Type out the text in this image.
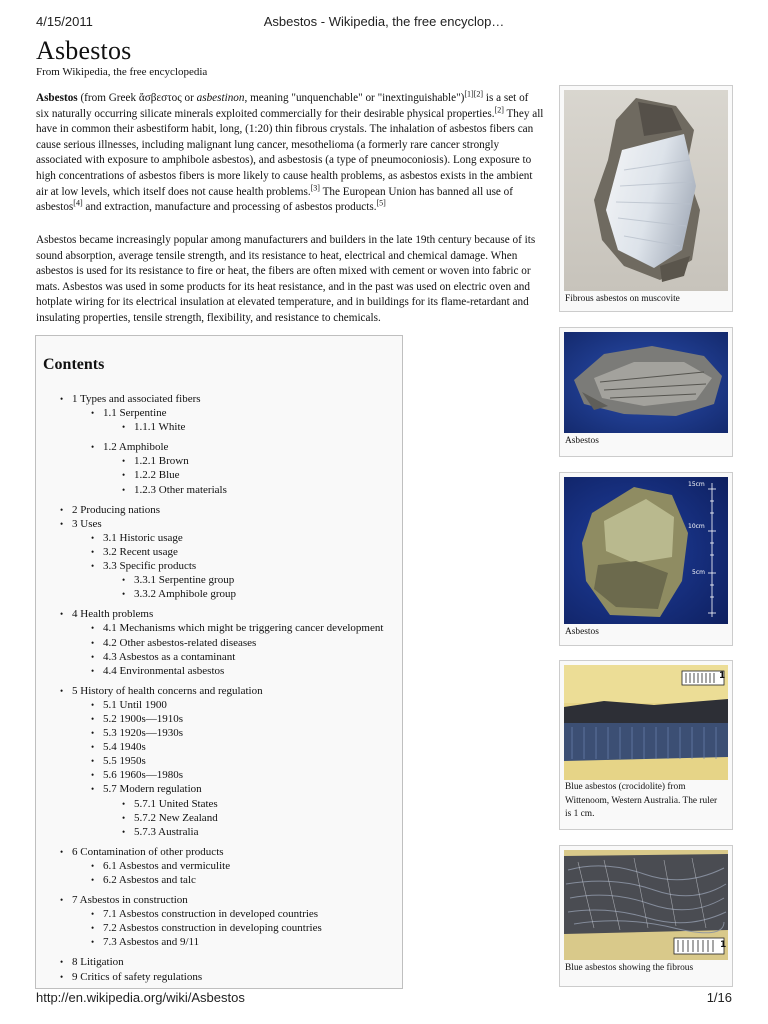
4/15/2011	Asbestos - Wikipedia, the free encyclop…
Asbestos
From Wikipedia, the free encyclopedia

Asbestos (from Greek ἄσβεστος or asbestinon, meaning "unquenchable" or "inextinguishable")[1][2] is a set of six naturally occurring silicate minerals exploited commercially for their desirable physical properties.[2] They all have in common their asbestiform habit, long, (1:20) thin fibrous crystals. The inhalation of asbestos fibers can cause serious illnesses, including malignant lung cancer, mesothelioma (a formerly rare cancer strongly associated with exposure to amphibole asbestos), and asbestosis (a type of pneumoconiosis). Long exposure to high concentrations of asbestos fibers is more likely to cause health problems, as asbestos exists in the ambient air at low levels, which itself does not cause health problems.[3] The European Union has banned all use of asbestos[4] and extraction, manufacture and processing of asbestos products.[5]

Asbestos became increasingly popular among manufacturers and builders in the late 19th century because of its sound absorption, average tensile strength, and its resistance to heat, electrical and chemical damage. When asbestos is used for its resistance to fire or heat, the fibers are often mixed with cement or woven into fabric or mats. Asbestos was used in some products for its heat resistance, and in the past was used on electric oven and hotplate wiring for its electrical insulation at elevated temperature, and in buildings for its flame-retardant and insulating properties, tensile strength, flexibility, and resistance to chemicals.

Contents
• 1 Types and associated fibers
• 1.1 Serpentine
• 1.1.1 White
• 1.2 Amphibole
• 1.2.1 Brown
• 1.2.2 Blue
• 1.2.3 Other materials
• 2 Producing nations
• 3 Uses
• 3.1 Historic usage
• 3.2 Recent usage
• 3.3 Specific products
• 3.3.1 Serpentine group
• 3.3.2 Amphibole group
• 4 Health problems
• 4.1 Mechanisms which might be triggering cancer development
• 4.2 Other asbestos-related diseases
• 4.3 Asbestos as a contaminant
• 4.4 Environmental asbestos
• 5 History of health concerns and regulation
• 5.1 Until 1900
• 5.2 1900s—1910s
• 5.3 1920s—1930s
• 5.4 1940s
• 5.5 1950s
• 5.6 1960s—1980s
• 5.7 Modern regulation
• 5.7.1 United States
• 5.7.2 New Zealand
• 5.7.3 Australia
• 6 Contamination of other products
• 6.1 Asbestos and vermiculite
• 6.2 Asbestos and talc
• 7 Asbestos in construction
• 7.1 Asbestos construction in developed countries
• 7.2 Asbestos construction in developing countries
• 7.3 Asbestos and 9/11
• 8 Litigation
• 9 Critics of safety regulations
Fibrous asbestos on muscovite
Asbestos
15cm
10cm
5cm
Asbestos
1
Blue asbestos (crocidolite) from Wittenoom, Western Australia. The ruler is 1 cm.
1
Blue asbestos showing the fibrous
http://en.wikipedia.org/wiki/Asbestos	1/16
